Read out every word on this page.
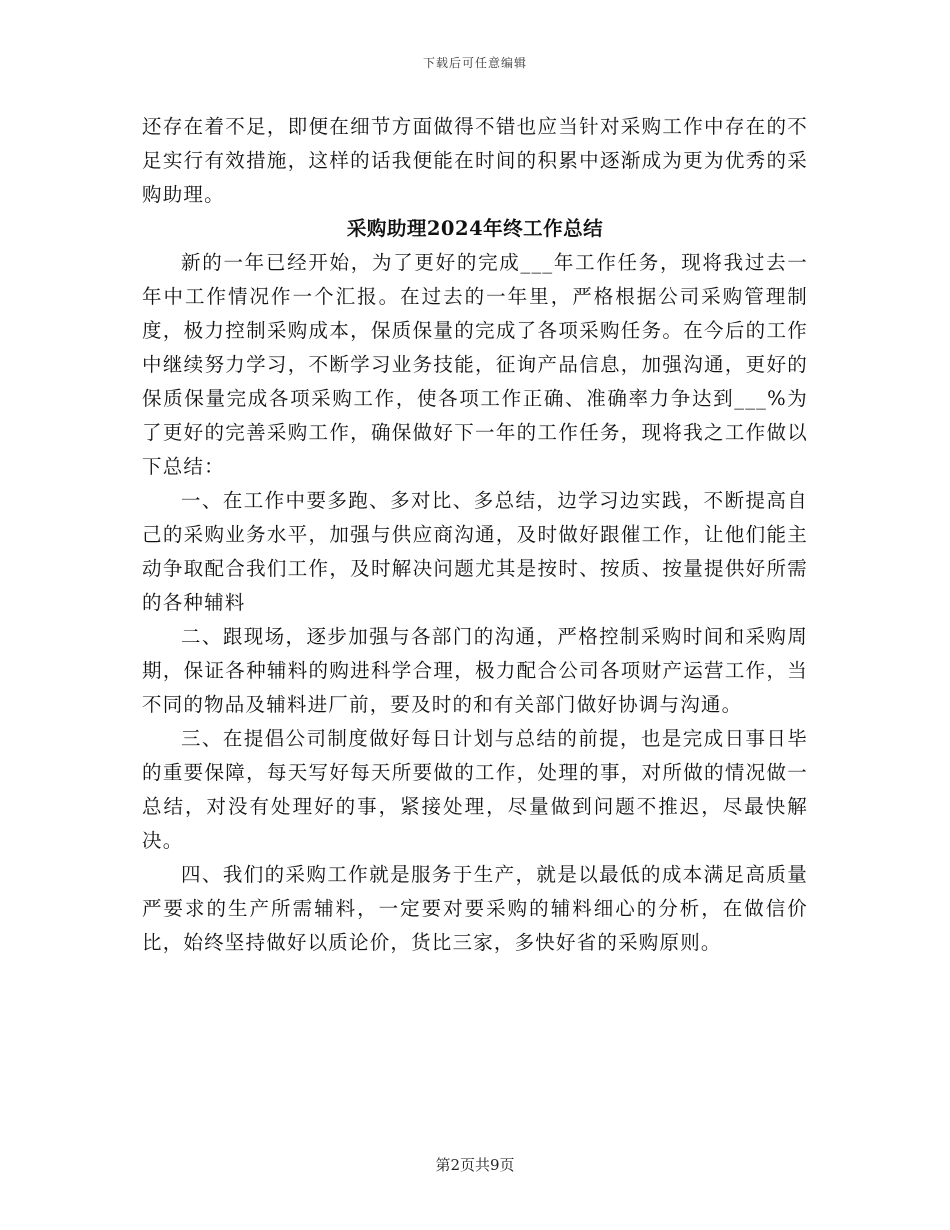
下载后可任意编辑

还存在着不足，即便在细节方面做得不错也应当针对采购工作中存在的不足实行有效措施，这样的话我便能在时间的积累中逐渐成为更为优秀的采购助理。

采购助理2024年终工作总结

新的一年已经开始，为了更好的完成___年工作任务，现将我过去一年中工作情况作一个汇报。在过去的一年里，严格根据公司采购管理制度，极力控制采购成本，保质保量的完成了各项采购任务。在今后的工作中继续努力学习，不断学习业务技能，征询产品信息，加强沟通，更好的保质保量完成各项采购工作，使各项工作正确、准确率力争达到___%为了更好的完善采购工作，确保做好下一年的工作任务，现将我之工作做以下总结：

一、在工作中要多跑、多对比、多总结，边学习边实践，不断提高自己的采购业务水平，加强与供应商沟通，及时做好跟催工作，让他们能主动争取配合我们工作，及时解决问题尤其是按时、按质、按量提供好所需的各种辅料

二、跟现场，逐步加强与各部门的沟通，严格控制采购时间和采购周期，保证各种辅料的购进科学合理，极力配合公司各项财产运营工作，当不同的物品及辅料进厂前，要及时的和有关部门做好协调与沟通。

三、在提倡公司制度做好每日计划与总结的前提，也是完成日事日毕的重要保障，每天写好每天所要做的工作，处理的事，对所做的情况做一总结，对没有处理好的事，紧接处理，尽量做到问题不推迟，尽最快解决。

四、我们的采购工作就是服务于生产，就是以最低的成本满足高质量严要求的生产所需辅料，一定要对要采购的辅料细心的分析，在做信价比，始终坚持做好以质论价，货比三家，多快好省的采购原则。

第2页共9页
